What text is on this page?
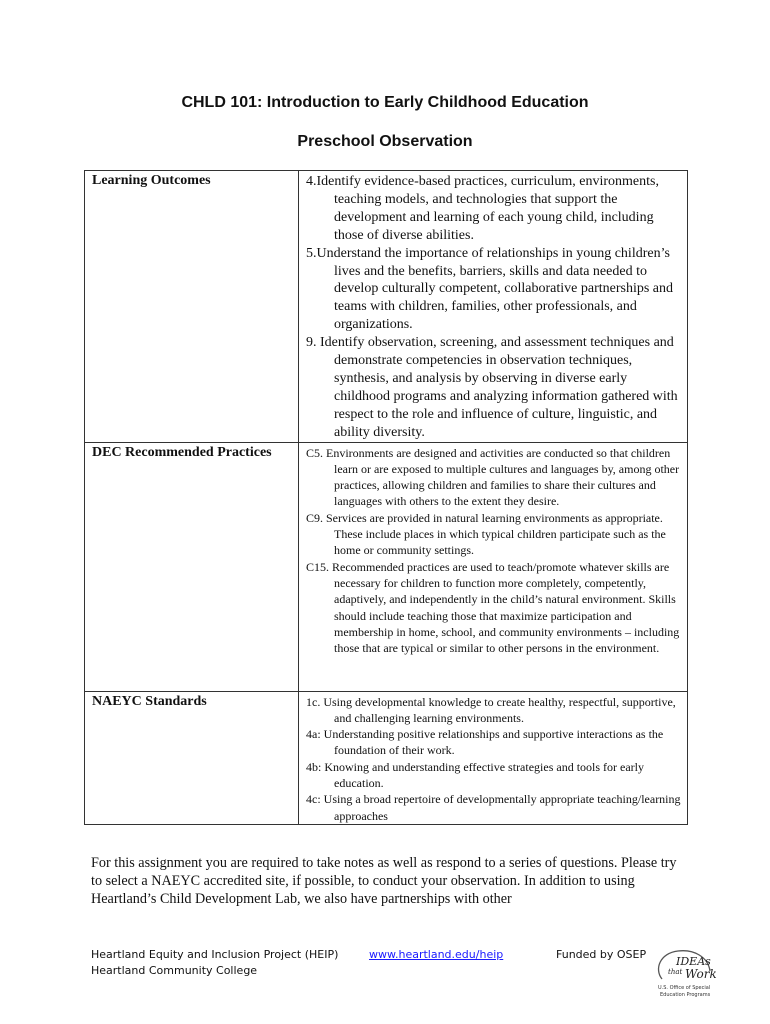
CHLD 101: Introduction to Early Childhood Education
Preschool Observation
Learning Outcomes	4.Identify evidence-based practices, curriculum, environments, teaching models, and technologies that support the development and learning of each young child, including those of diverse abilities.
5.Understand the importance of relationships in young children’s lives and the benefits, barriers, skills and data needed to develop culturally competent, collaborative partnerships and teams with children, families, other professionals, and organizations.
9. Identify observation, screening, and assessment techniques and demonstrate competencies in observation techniques, synthesis, and analysis by observing in diverse early childhood programs and analyzing information gathered with respect to the role and influence of culture, linguistic, and ability diversity.

DEC Recommended Practices	C5. Environments are designed and activities are conducted so that children learn or are exposed to multiple cultures and languages by, among other practices, allowing children and families to share their cultures and languages with others to the extent they desire.
C9. Services are provided in natural learning environments as appropriate. These include places in which typical children participate such as the home or community settings.
C15. Recommended practices are used to teach/promote whatever skills are necessary for children to function more completely, competently, adaptively, and independently in the child’s natural environment. Skills should include teaching those that maximize participation and membership in home, school, and community environments – including those that are typical or similar to other persons in the environment.

NAEYC Standards	1c. Using developmental knowledge to create healthy, respectful, supportive, and challenging learning environments.
4a: Understanding positive relationships and supportive interactions as the foundation of their work.
4b: Knowing and understanding effective strategies and tools for early education.
4c: Using a broad repertoire of developmentally appropriate teaching/learning approaches
For this assignment you are required to take notes as well as respond to a series of questions. Please try to select a NAEYC accredited site, if possible, to conduct your observation. In addition to using Heartland’s Child Development Lab, we also have partnerships with other
Heartland Equity and Inclusion Project (HEIP)
Heartland Community College
www.heartland.edu/heip	Funded by OSEP
IDEAs
that Work
U.S. Office of Special
Education Programs
